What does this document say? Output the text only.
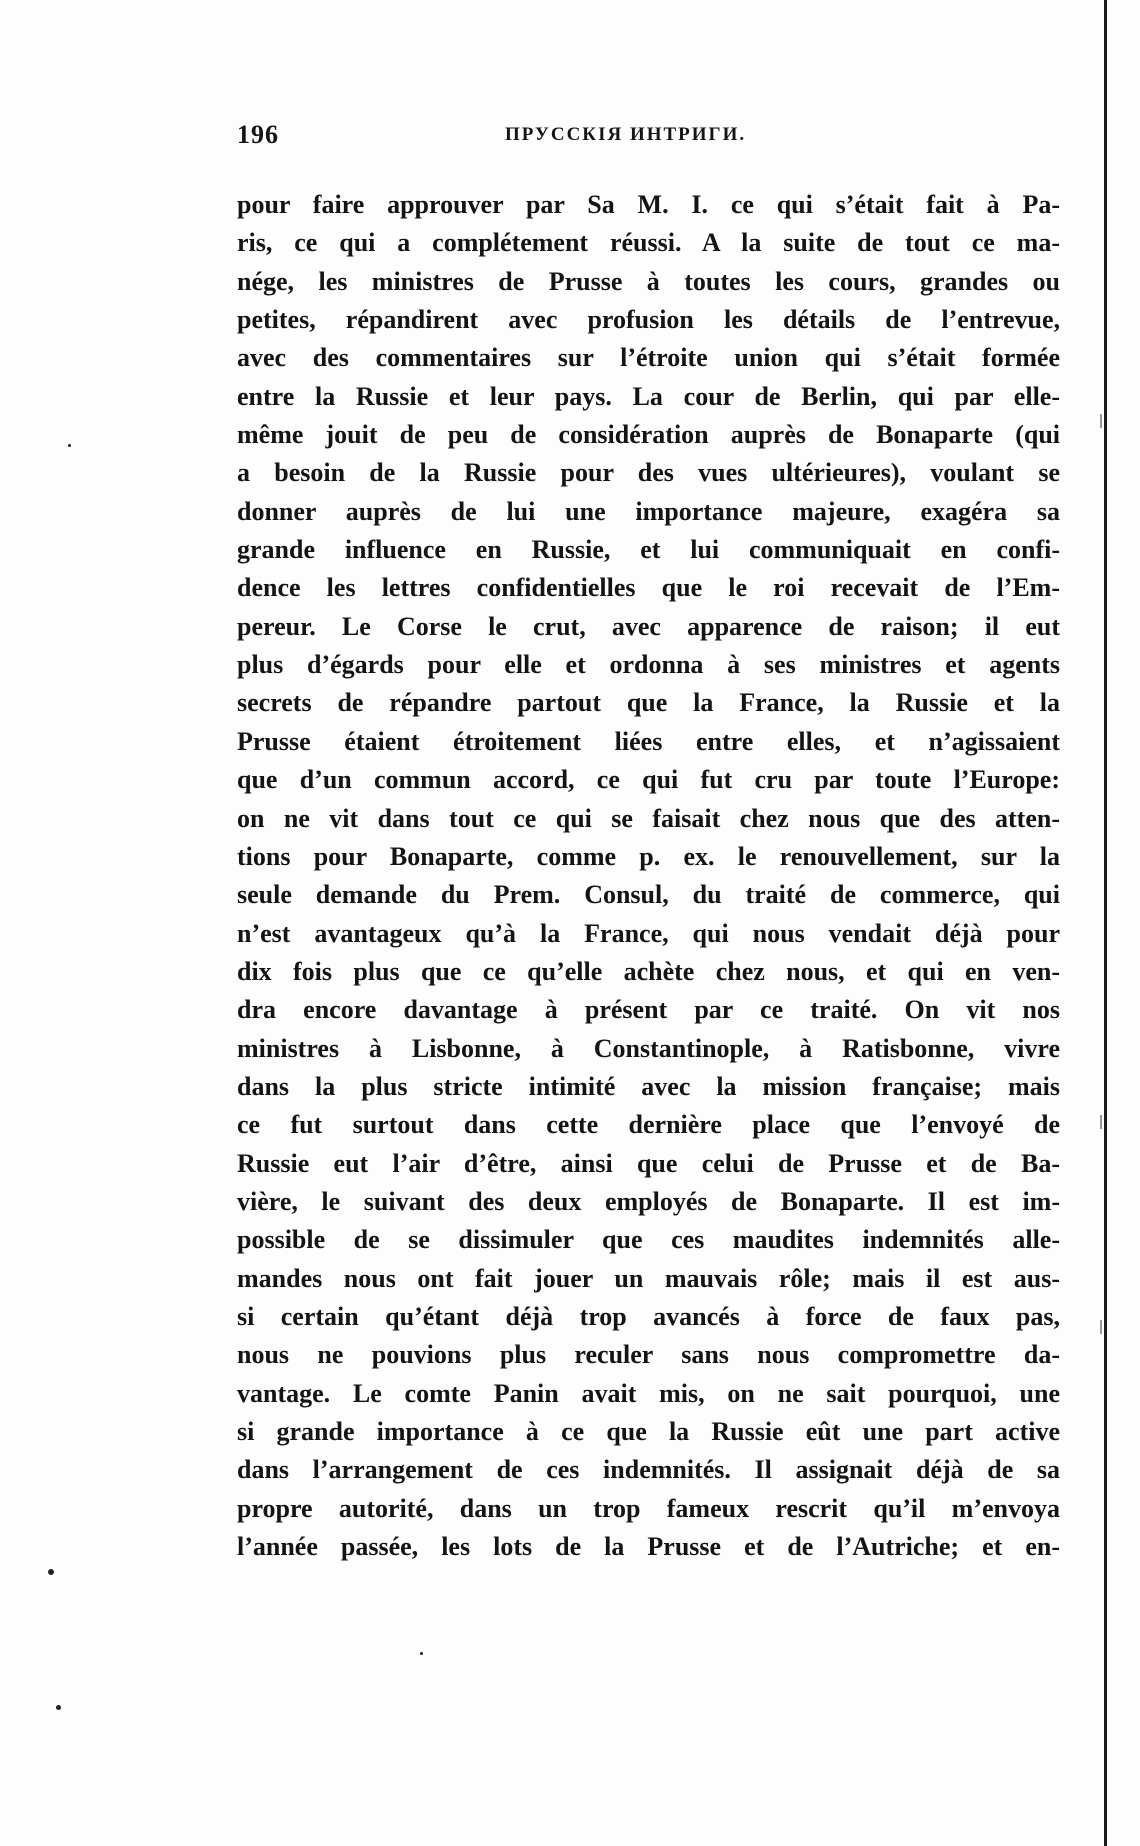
196	ПРУССКІЯ ИНТРИГИ.
pour faire approuver par Sa M. I. ce qui s’était fait à Pa-
ris, ce qui a complétement réussi. A la suite de tout ce ma-
nége, les ministres de Prusse à toutes les cours, grandes ou
petites, répandirent avec profusion les détails de l’entrevue,
avec des commentaires sur l’étroite union qui s’était formée
entre la Russie et leur pays. La cour de Berlin, qui par elle-
même jouit de peu de considération auprès de Bonaparte (qui
a besoin de la Russie pour des vues ultérieures), voulant se
donner auprès de lui une importance majeure, exagéra sa
grande influence en Russie, et lui communiquait en confi-
dence les lettres confidentielles que le roi recevait de l’Em-
pereur. Le Corse le crut, avec apparence de raison; il eut
plus d’égards pour elle et ordonna à ses ministres et agents
secrets de répandre partout que la France, la Russie et la
Prusse étaient étroitement liées entre elles, et n’agissaient
que d’un commun accord, ce qui fut cru par toute l’Europe:
on ne vit dans tout ce qui se faisait chez nous que des atten-
tions pour Bonaparte, comme p. ex. le renouvellement, sur la
seule demande du Prem. Consul, du traité de commerce, qui
n’est avantageux qu’à la France, qui nous vendait déjà pour
dix fois plus que ce qu’elle achète chez nous, et qui en ven-
dra encore davantage à présent par ce traité. On vit nos
ministres à Lisbonne, à Constantinople, à Ratisbonne, vivre
dans la plus stricte intimité avec la mission française; mais
ce fut surtout dans cette dernière place que l’envoyé de
Russie eut l’air d’être, ainsi que celui de Prusse et de Ba-
vière, le suivant des deux employés de Bonaparte. Il est im-
possible de se dissimuler que ces maudites indemnités alle-
mandes nous ont fait jouer un mauvais rôle; mais il est aus-
si certain qu’étant déjà trop avancés à force de faux pas,
nous ne pouvions plus reculer sans nous compromettre da-
vantage. Le comte Panin avait mis, on ne sait pourquoi, une
si grande importance à ce que la Russie eût une part active
dans l’arrangement de ces indemnités. Il assignait déjà de sa
propre autorité, dans un trop fameux rescrit qu’il m’envoya
l’année passée, les lots de la Prusse et de l’Autriche; et en-
